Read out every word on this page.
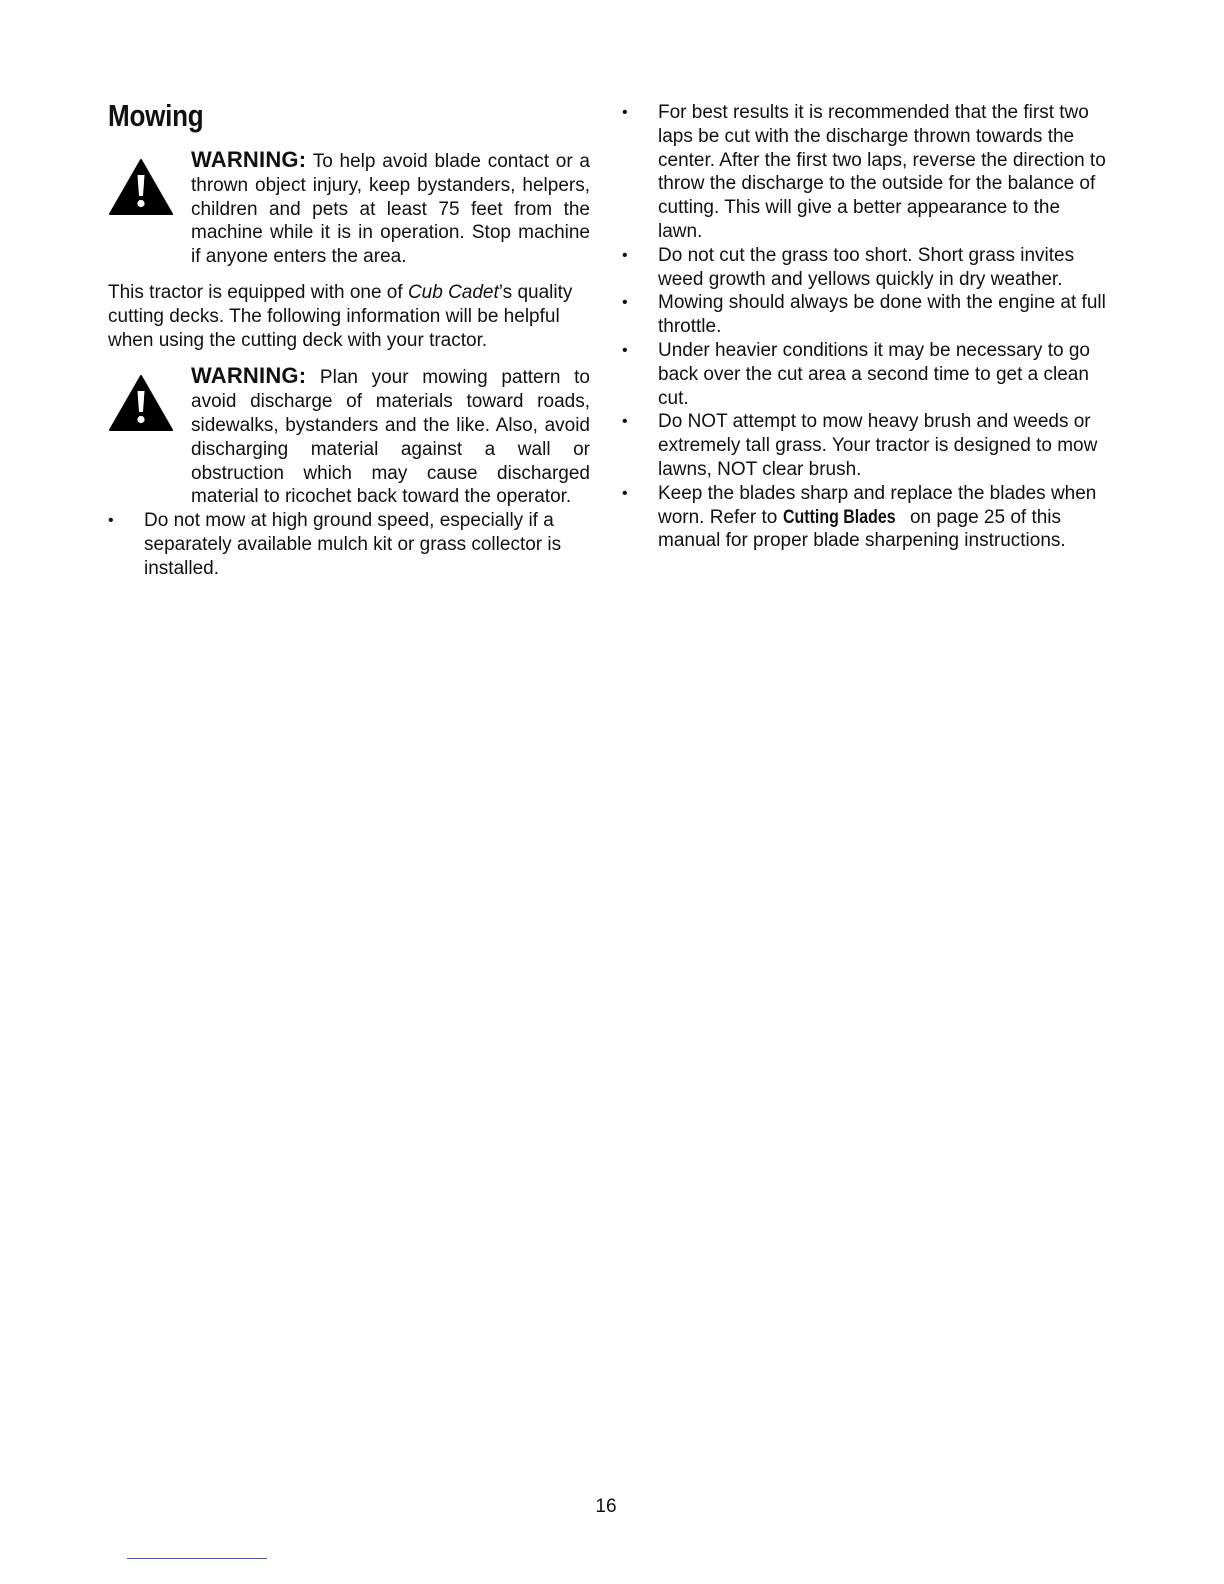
Mowing
WARNING: To help avoid blade contact or a thrown object injury, keep bystanders, helpers, children and pets at least 75 feet from the machine while it is in operation. Stop machine if anyone enters the area.

This tractor is equipped with one of Cub Cadet’s quality cutting decks. The following information will be helpful when using the cutting deck with your tractor.

WARNING: Plan your mowing pattern to avoid discharge of materials toward roads, sidewalks, bystanders and the like. Also, avoid discharging material against a wall or obstruction which may cause discharged material to ricochet back toward the operator.
• Do not mow at high ground speed, especially if a separately available mulch kit or grass collector is installed.
• For best results it is recommended that the first two laps be cut with the discharge thrown towards the center. After the first two laps, reverse the direction to throw the discharge to the outside for the balance of cutting. This will give a better appearance to the lawn.
• Do not cut the grass too short. Short grass invites weed growth and yellows quickly in dry weather.
• Mowing should always be done with the engine at full throttle.
• Under heavier conditions it may be necessary to go back over the cut area a second time to get a clean cut.
• Do NOT attempt to mow heavy brush and weeds or extremely tall grass. Your tractor is designed to mow lawns, NOT clear brush.
• Keep the blades sharp and replace the blades when worn. Refer to Cutting Blades on page 25 of this manual for proper blade sharpening instructions.
16
